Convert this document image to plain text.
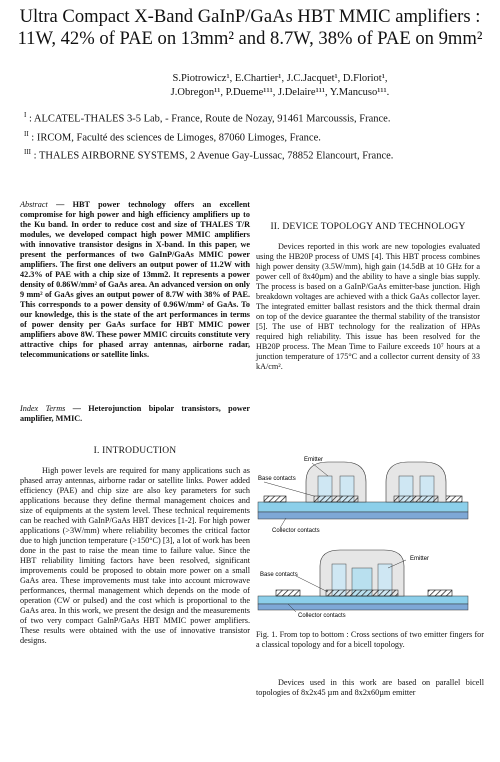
Ultra Compact X-Band GaInP/GaAs HBT MMIC amplifiers :
11W, 42% of PAE on 13mm² and 8.7W, 38% of PAE on 9mm²
S.Piotrowicz¹, E.Chartier¹, J.C.Jacquet¹, D.Floriot¹,
J.Obregon¹¹, P.Dueme¹¹¹, J.Delaire¹¹¹, Y.Mancuso¹¹¹.
$^I$ : ALCATEL-THALES 3-5 Lab, - France, Route de Nozay, 91461 Marcoussis, France.
$^{II}$ : IRCOM, Faculté des sciences de Limoges, 87060 Limoges, France.
$^{III}$ : THALES AIRBORNE SYSTEMS, 2 Avenue Gay-Lussac, 78852 Elancourt, France.
Abstract — HBT power technology offers an excellent compromise for high power and high efficiency amplifiers up to the Ku band. In order to reduce cost and size of THALES T/R modules, we developed compact high power MMIC amplifiers with innovative transistor designs in X-band. In this paper, we present the performances of two GaInP/GaAs MMIC power amplifiers. The first one delivers an output power of 11.2W with 42.3% of PAE with a chip size of 13mm2. It represents a power density of 0.86W/mm² of GaAs area. An advanced version on only 9 mm² of GaAs gives an output power of 8.7W with 38% of PAE. This corresponds to a power density of 0.96W/mm² of GaAs. To our knowledge, this is the state of the art performances in terms of power density per GaAs surface for HBT MMIC power amplifiers above 8W. These power MMIC circuits constitute very attractive chips for phased array antennas, airborne radar, telecommunications or satellite links.
Index Terms — Heterojunction bipolar transistors, power amplifier, MMIC.
I. INTRODUCTION
High power levels are required for many applications such as phased array antennas, airborne radar or satellite links. Power added efficiency (PAE) and chip size are also key parameters for such applications because they define thermal management choices and size of equipments at the system level. These technical requirements can be reached with GaInP/GaAs HBT devices [1-2]. For high power applications (>3W/mm) where reliability becomes the critical factor due to high junction temperature (>150°C) [3], a lot of work has been done in the past to raise the mean time to failure value. Since the HBT reliability limiting factors have been resolved, significant improvements could be proposed to obtain more power on a small GaAs area. These improvements must take into account microwave performances, thermal management which depends on the mode of operation (CW or pulsed) and the cost which is proportional to the GaAs area. In this work, we present the design and the measurements of two very compact GaInP/GaAs HBT MMIC power amplifiers. These results were obtained with the use of innovative transistor designs.
II. DEVICE TOPOLOGY AND TECHNOLOGY
Devices reported in this work are new topologies evaluated using the HB20P process of UMS [4]. This HBT process combines high power density (3.5W/mm), high gain (14.5dB at 10 GHz for a power cell of 8x40µm) and the ability to have a single bias supply. The process is based on a GaInP/GaAs emitter-base junction. High breakdown voltages are achieved with a thick GaAs collector layer. The integrated emitter ballast resistors and the thick thermal drain on top of the device guarantee the thermal stability of the transistor [5]. The use of HBT technology for the realization of HPAs required high reliability. This issue has been resolved for the HB20P process. The Mean Time to Failure exceeds 10⁷ hours at a junction temperature of 175°C and a collector current density of 33 kA/cm².
Emitter
Base contacts
Collector contacts
Emitter
Base contacts
Collector contacts
Fig. 1. From top to bottom : Cross sections of two emitter fingers for a classical topology and for a bicell topology.
Devices used in this work are based on parallel bicell topologies of 8x2x45 µm and 8x2x60µm emitter
